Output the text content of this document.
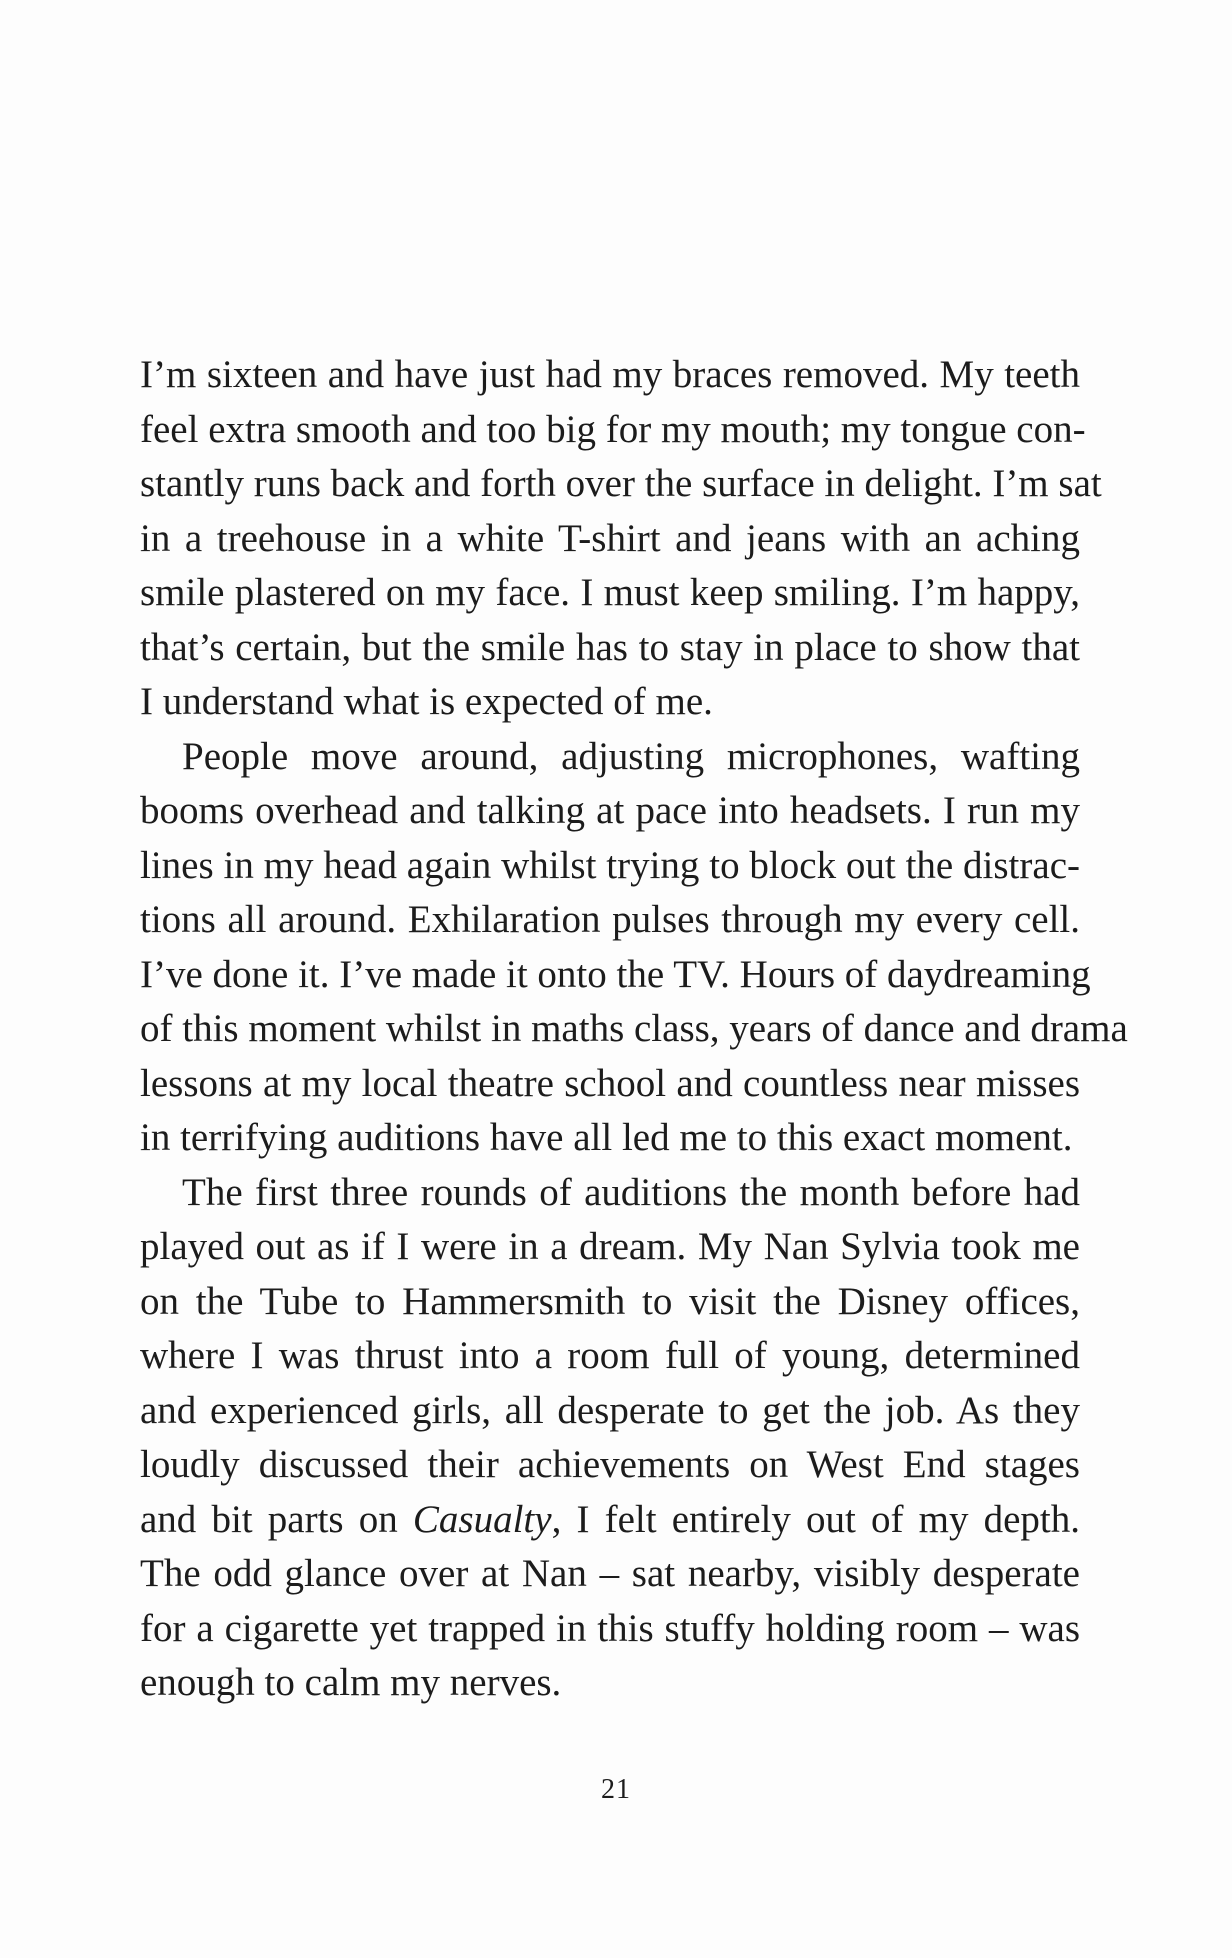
I’m sixteen and have just had my braces removed. My teeth
feel extra smooth and too big for my mouth; my tongue con-
stantly runs back and forth over the surface in delight. I’m sat
in a treehouse in a white T-shirt and jeans with an aching
smile plastered on my face. I must keep smiling. I’m happy,
that’s certain, but the smile has to stay in place to show that
I understand what is expected of me.
People move around, adjusting microphones, wafting
booms overhead and talking at pace into headsets. I run my
lines in my head again whilst trying to block out the distrac-
tions all around. Exhilaration pulses through my every cell.
I’ve done it. I’ve made it onto the TV. Hours of daydreaming
of this moment whilst in maths class, years of dance and drama
lessons at my local theatre school and countless near misses
in terrifying auditions have all led me to this exact moment.
The first three rounds of auditions the month before had
played out as if I were in a dream. My Nan Sylvia took me
on the Tube to Hammersmith to visit the Disney offices,
where I was thrust into a room full of young, determined
and experienced girls, all desperate to get the job. As they
loudly discussed their achievements on West End stages
and bit parts on Casualty, I felt entirely out of my depth.
The odd glance over at Nan – sat nearby, visibly desperate
for a cigarette yet trapped in this stuffy holding room – was
enough to calm my nerves.
21
